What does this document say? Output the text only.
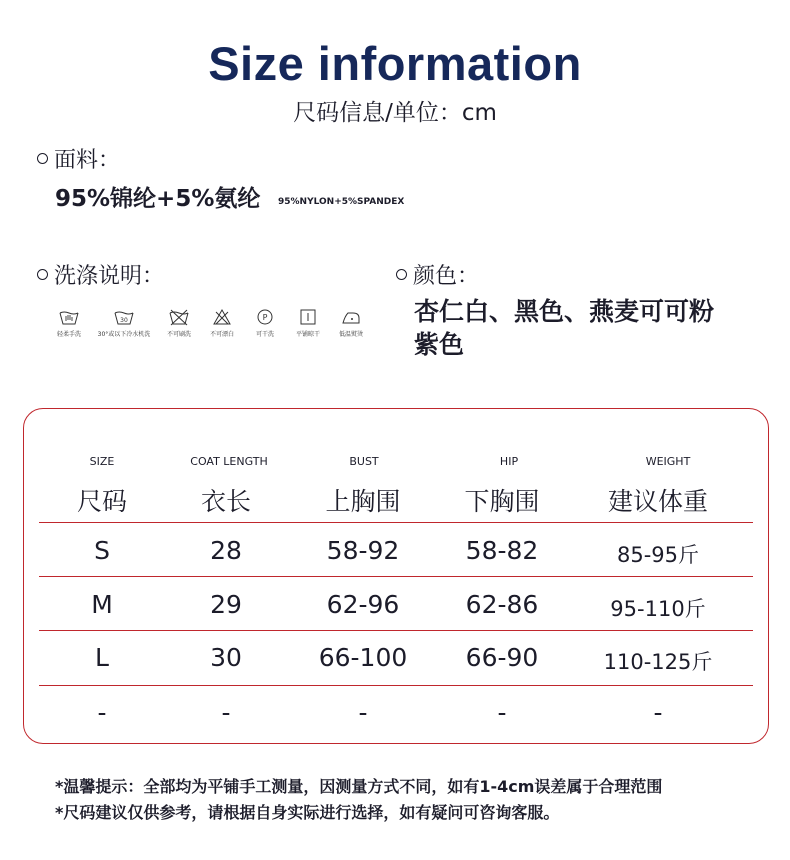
Size information
尺码信息/单位：cm
面料：
95%锦纶+5%氨纶 95%NYLON+5%SPANDEX
洗涤说明：
轻柔手洗
30
30°或以下冷水机洗	不可刷洗	不可漂白
P
可干洗	平铺晾干	低温熨烫
颜色：
杏仁白、黑色、燕麦可可粉紫色
SIZE	COAT LENGTH	BUST	HIP	WEIGHT
尺码	衣长	上胸围	下胸围	建议体重
S	28	58-92	58-82	85-95斤
M	29	62-96	62-86	95-110斤
L	30	66-100	66-90	110-125斤
-	-	-	-	-
*温馨提示：全部均为平铺手工测量，因测量方式不同，如有1-4cm误差属于合理范围
*尺码建议仅供参考，请根据自身实际进行选择，如有疑问可咨询客服。
